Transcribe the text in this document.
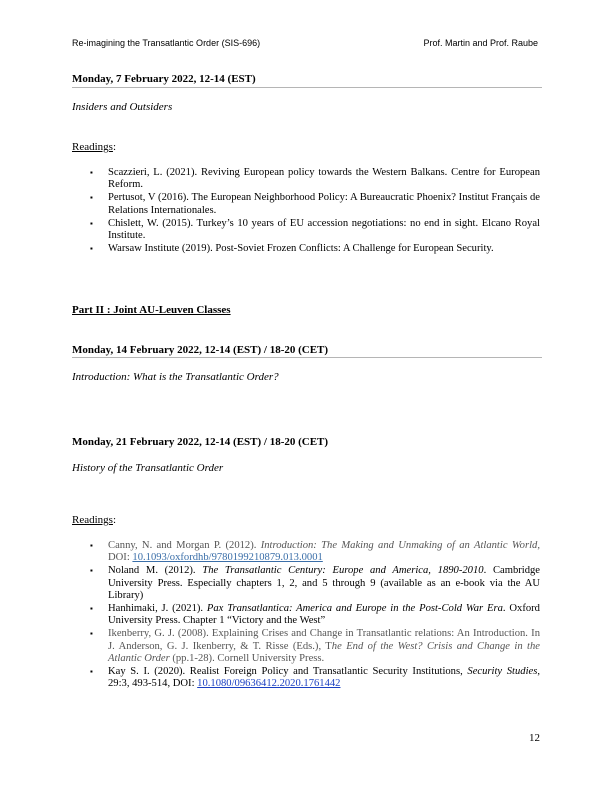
Re-imagining the Transatlantic Order (SIS-696)	Prof. Martin and Prof. Raube
Monday, 7 February 2022, 12-14 (EST)
Insiders and Outsiders
Readings:
▪ Scazzieri, L. (2021). Reviving European policy towards the Western Balkans. Centre for European Reform.
▪ Pertusot, V (2016). The European Neighborhood Policy: A Bureaucratic Phoenix? Institut Français de Relations Internationales.
▪ Chislett, W. (2015). Turkey’s 10 years of EU accession negotiations: no end in sight. Elcano Royal Institute.
▪ Warsaw Institute (2019). Post-Soviet Frozen Conflicts: A Challenge for European Security.
Part II : Joint AU-Leuven Classes
Monday, 14 February 2022, 12-14 (EST) / 18-20 (CET)
Introduction: What is the Transatlantic Order?
Monday, 21 February 2022, 12-14 (EST) / 18-20 (CET)
History of the Transatlantic Order
Readings:
▪ Canny, N. and Morgan P. (2012). Introduction: The Making and Unmaking of an Atlantic World, DOI: 10.1093/oxfordhb/9780199210879.013.0001
▪ Noland M. (2012). The Transatlantic Century: Europe and America, 1890-2010. Cambridge University Press. Especially chapters 1, 2, and 5 through 9 (available as an e-book via the AU Library)
▪ Hanhimaki, J. (2021). Pax Transatlantica: America and Europe in the Post-Cold War Era. Oxford University Press. Chapter 1 “Victory and the West”
▪ Ikenberry, G. J. (2008). Explaining Crises and Change in Transatlantic relations: An Introduction. In J. Anderson, G. J. Ikenberry, & T. Risse (Eds.), The End of the West? Crisis and Change in the Atlantic Order (pp.1-28). Cornell University Press.
▪ Kay S. I. (2020). Realist Foreign Policy and Transatlantic Security Institutions, Security Studies, 29:3, 493-514, DOI: 10.1080/09636412.2020.1761442
12
